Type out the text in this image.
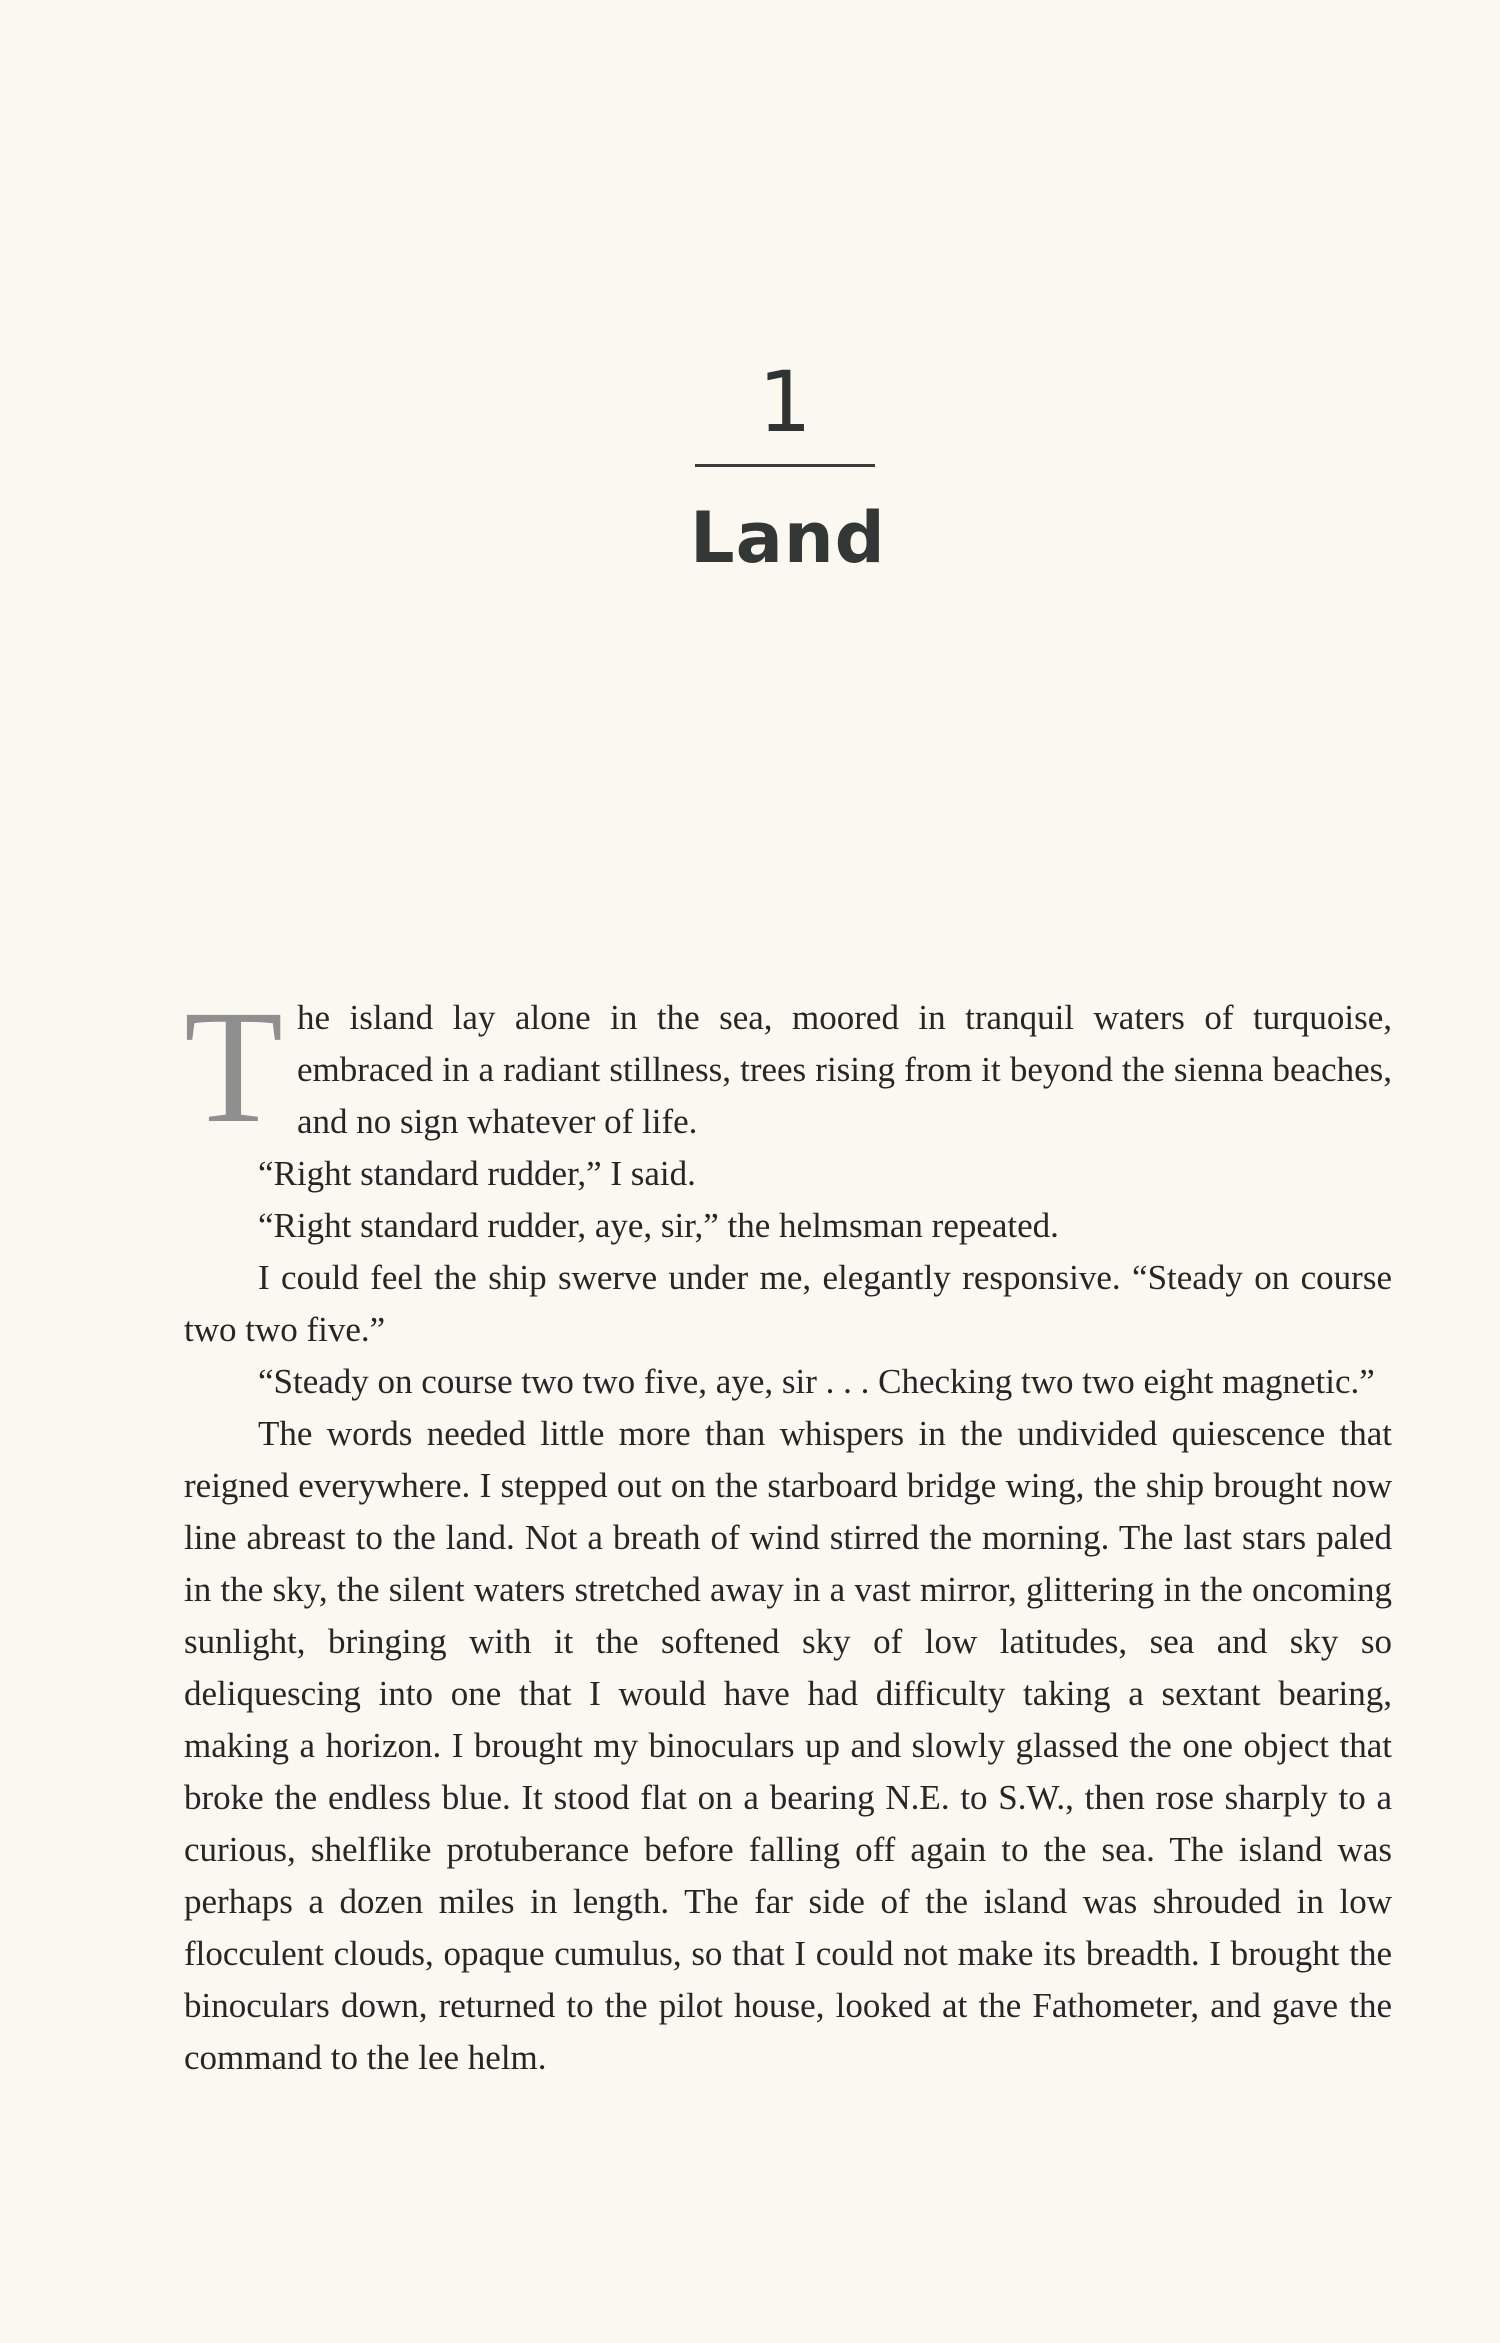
1
Land

The island lay alone in the sea, moored in tranquil waters of turquoise, embraced in a radiant stillness, trees rising from it beyond the sienna beaches, and no sign whatever of life.

“Right standard rudder,” I said.

“Right standard rudder, aye, sir,” the helmsman repeated.

I could feel the ship swerve under me, elegantly responsive. “Steady on course two two five.”

“Steady on course two two five, aye, sir . . . Checking two two eight magnetic.”

The words needed little more than whispers in the undivided quiescence that reigned everywhere. I stepped out on the starboard bridge wing, the ship brought now line abreast to the land. Not a breath of wind stirred the morning. The last stars paled in the sky, the silent waters stretched away in a vast mirror, glittering in the oncoming sunlight, bringing with it the softened sky of low latitudes, sea and sky so deliquescing into one that I would have had difficulty taking a sextant bearing, making a horizon. I brought my binoculars up and slowly glassed the one object that broke the endless blue. It stood flat on a bearing N.E. to S.W., then rose sharply to a curious, shelflike protuberance before falling off again to the sea. The island was perhaps a dozen miles in length. The far side of the island was shrouded in low flocculent clouds, opaque cumulus, so that I could not make its breadth. I brought the binoculars down, returned to the pilot house, looked at the Fathometer, and gave the command to the lee helm.
